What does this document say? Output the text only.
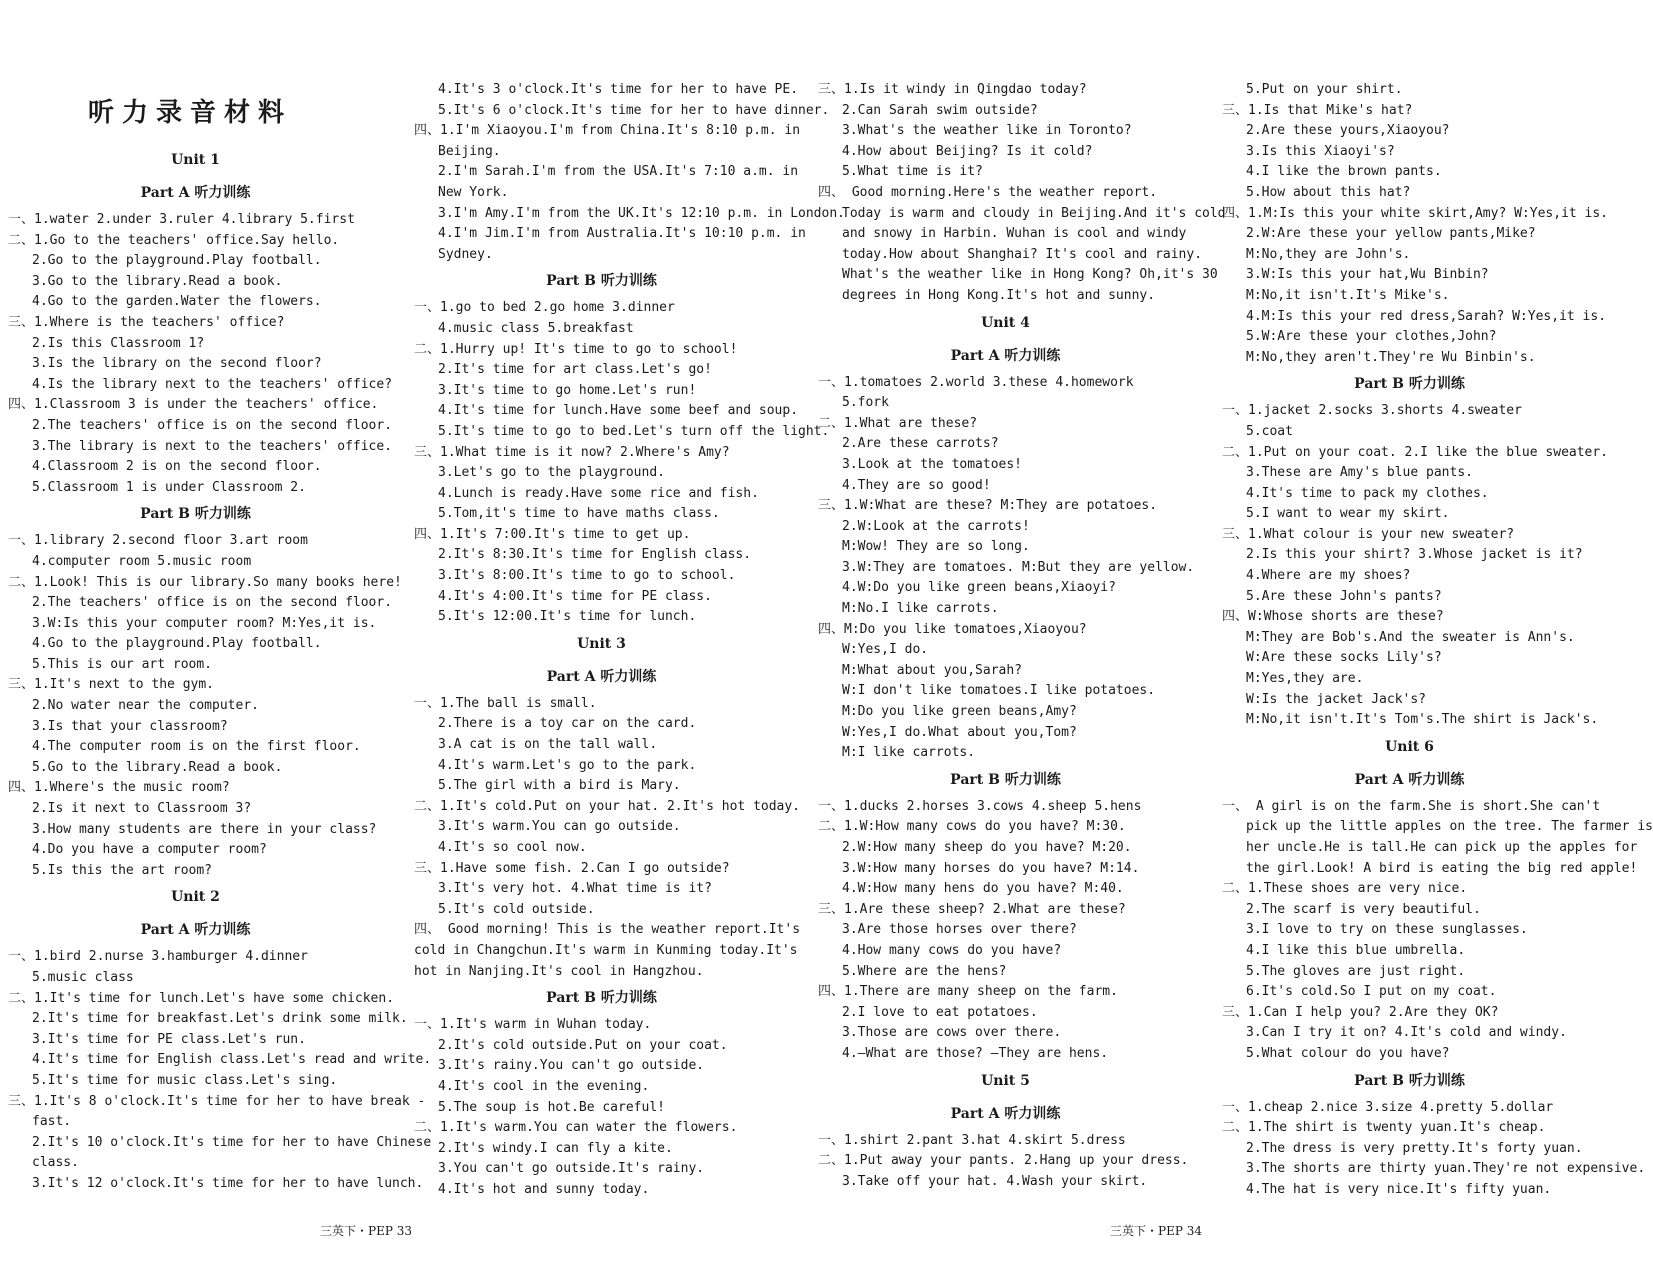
听力录音材料
Unit 1
Part A 听力训练
一、1.water 2.under 3.ruler 4.library 5.first
二、1.Go to the teachers' office.Say hello.
2.Go to the playground.Play football.
3.Go to the library.Read a book.
4.Go to the garden.Water the flowers.
三、1.Where is the teachers' office?
2.Is this Classroom 1?
3.Is the library on the second floor?
4.Is the library next to the teachers' office?
四、1.Classroom 3 is under the teachers' office.
2.The teachers' office is on the second floor.
3.The library is next to the teachers' office.
4.Classroom 2 is on the second floor.
5.Classroom 1 is under Classroom 2.
Part B 听力训练
一、1.library 2.second floor 3.art room
4.computer room 5.music room
二、1.Look! This is our library.So many books here!
2.The teachers' office is on the second floor.
3.W:Is this your computer room? M:Yes,it is.
4.Go to the playground.Play football.
5.This is our art room.
三、1.It's next to the gym.
2.No water near the computer.
3.Is that your classroom?
4.The computer room is on the first floor.
5.Go to the library.Read a book.
四、1.Where's the music room?
2.Is it next to Classroom 3?
3.How many students are there in your class?
4.Do you have a computer room?
5.Is this the art room?
Unit 2
Part A 听力训练
一、1.bird 2.nurse 3.hamburger 4.dinner
5.music class
二、1.It's time for lunch.Let's have some chicken.
2.It's time for breakfast.Let's drink some milk.
3.It's time for PE class.Let's run.
4.It's time for English class.Let's read and write.
5.It's time for music class.Let's sing.
三、1.It's 8 o'clock.It's time for her to have break -
fast.
2.It's 10 o'clock.It's time for her to have Chinese
class.
3.It's 12 o'clock.It's time for her to have lunch.
4.It's 3 o'clock.It's time for her to have PE.
5.It's 6 o'clock.It's time for her to have dinner.
四、1.I'm Xiaoyou.I'm from China.It's 8:10 p.m. in
Beijing.
2.I'm Sarah.I'm from the USA.It's 7:10 a.m. in
New York.
3.I'm Amy.I'm from the UK.It's 12:10 p.m. in London.
4.I'm Jim.I'm from Australia.It's 10:10 p.m. in
Sydney.
Part B 听力训练
一、1.go to bed 2.go home 3.dinner
4.music class 5.breakfast
二、1.Hurry up! It's time to go to school!
2.It's time for art class.Let's go!
3.It's time to go home.Let's run!
4.It's time for lunch.Have some beef and soup.
5.It's time to go to bed.Let's turn off the light.
三、1.What time is it now? 2.Where's Amy?
3.Let's go to the playground.
4.Lunch is ready.Have some rice and fish.
5.Tom,it's time to have maths class.
四、1.It's 7:00.It's time to get up.
2.It's 8:30.It's time for English class.
3.It's 8:00.It's time to go to school.
4.It's 4:00.It's time for PE class.
5.It's 12:00.It's time for lunch.
Unit 3
Part A 听力训练
一、1.The ball is small.
2.There is a toy car on the card.
3.A cat is on the tall wall.
4.It's warm.Let's go to the park.
5.The girl with a bird is Mary.
二、1.It's cold.Put on your hat. 2.It's hot today.
3.It's warm.You can go outside.
4.It's so cool now.
三、1.Have some fish. 2.Can I go outside?
3.It's very hot. 4.What time is it?
5.It's cold outside.
四、 Good morning! This is the weather report.It's
cold in Changchun.It's warm in Kunming today.It's
hot in Nanjing.It's cool in Hangzhou.
Part B 听力训练
一、1.It's warm in Wuhan today.
2.It's cold outside.Put on your coat.
3.It's rainy.You can't go outside.
4.It's cool in the evening.
5.The soup is hot.Be careful!
二、1.It's warm.You can water the flowers.
2.It's windy.I can fly a kite.
3.You can't go outside.It's rainy.
4.It's hot and sunny today.
三、1.Is it windy in Qingdao today?
2.Can Sarah swim outside?
3.What's the weather like in Toronto?
4.How about Beijing? Is it cold?
5.What time is it?
四、 Good morning.Here's the weather report.
Today is warm and cloudy in Beijing.And it's cold
and snowy in Harbin. Wuhan is cool and windy
today.How about Shanghai? It's cool and rainy.
What's the weather like in Hong Kong? Oh,it's 30
degrees in Hong Kong.It's hot and sunny.
Unit 4
Part A 听力训练
一、1.tomatoes 2.world 3.these 4.homework
5.fork
二、1.What are these?
2.Are these carrots?
3.Look at the tomatoes!
4.They are so good!
三、1.W:What are these? M:They are potatoes.
2.W:Look at the carrots!
M:Wow! They are so long.
3.W:They are tomatoes. M:But they are yellow.
4.W:Do you like green beans,Xiaoyi?
M:No.I like carrots.
四、M:Do you like tomatoes,Xiaoyou?
W:Yes,I do.
M:What about you,Sarah?
W:I don't like tomatoes.I like potatoes.
M:Do you like green beans,Amy?
W:Yes,I do.What about you,Tom?
M:I like carrots.
Part B 听力训练
一、1.ducks 2.horses 3.cows 4.sheep 5.hens
二、1.W:How many cows do you have? M:30.
2.W:How many sheep do you have? M:20.
3.W:How many horses do you have? M:14.
4.W:How many hens do you have? M:40.
三、1.Are these sheep? 2.What are these?
3.Are those horses over there?
4.How many cows do you have?
5.Where are the hens?
四、1.There are many sheep on the farm.
2.I love to eat potatoes.
3.Those are cows over there.
4.—What are those? —They are hens.
Unit 5
Part A 听力训练
一、1.shirt 2.pant 3.hat 4.skirt 5.dress
二、1.Put away your pants. 2.Hang up your dress.
3.Take off your hat. 4.Wash your skirt.
5.Put on your shirt.
三、1.Is that Mike's hat?
2.Are these yours,Xiaoyou?
3.Is this Xiaoyi's?
4.I like the brown pants.
5.How about this hat?
四、1.M:Is this your white skirt,Amy? W:Yes,it is.
2.W:Are these your yellow pants,Mike?
M:No,they are John's.
3.W:Is this your hat,Wu Binbin?
M:No,it isn't.It's Mike's.
4.M:Is this your red dress,Sarah? W:Yes,it is.
5.W:Are these your clothes,John?
M:No,they aren't.They're Wu Binbin's.
Part B 听力训练
一、1.jacket 2.socks 3.shorts 4.sweater
5.coat
二、1.Put on your coat. 2.I like the blue sweater.
3.These are Amy's blue pants.
4.It's time to pack my clothes.
5.I want to wear my skirt.
三、1.What colour is your new sweater?
2.Is this your shirt? 3.Whose jacket is it?
4.Where are my shoes?
5.Are these John's pants?
四、W:Whose shorts are these?
M:They are Bob's.And the sweater is Ann's.
W:Are these socks Lily's?
M:Yes,they are.
W:Is the jacket Jack's?
M:No,it isn't.It's Tom's.The shirt is Jack's.
Unit 6
Part A 听力训练
一、 A girl is on the farm.She is short.She can't
pick up the little apples on the tree. The farmer is
her uncle.He is tall.He can pick up the apples for
the girl.Look! A bird is eating the big red apple!
二、1.These shoes are very nice.
2.The scarf is very beautiful.
3.I love to try on these sunglasses.
4.I like this blue umbrella.
5.The gloves are just right.
6.It's cold.So I put on my coat.
三、1.Can I help you? 2.Are they OK?
3.Can I try it on? 4.It's cold and windy.
5.What colour do you have?
Part B 听力训练
一、1.cheap 2.nice 3.size 4.pretty 5.dollar
二、1.The shirt is twenty yuan.It's cheap.
2.The dress is very pretty.It's forty yuan.
3.The shorts are thirty yuan.They're not expensive.
4.The hat is very nice.It's fifty yuan.
三英下・PEP 33	三英下・PEP 34
